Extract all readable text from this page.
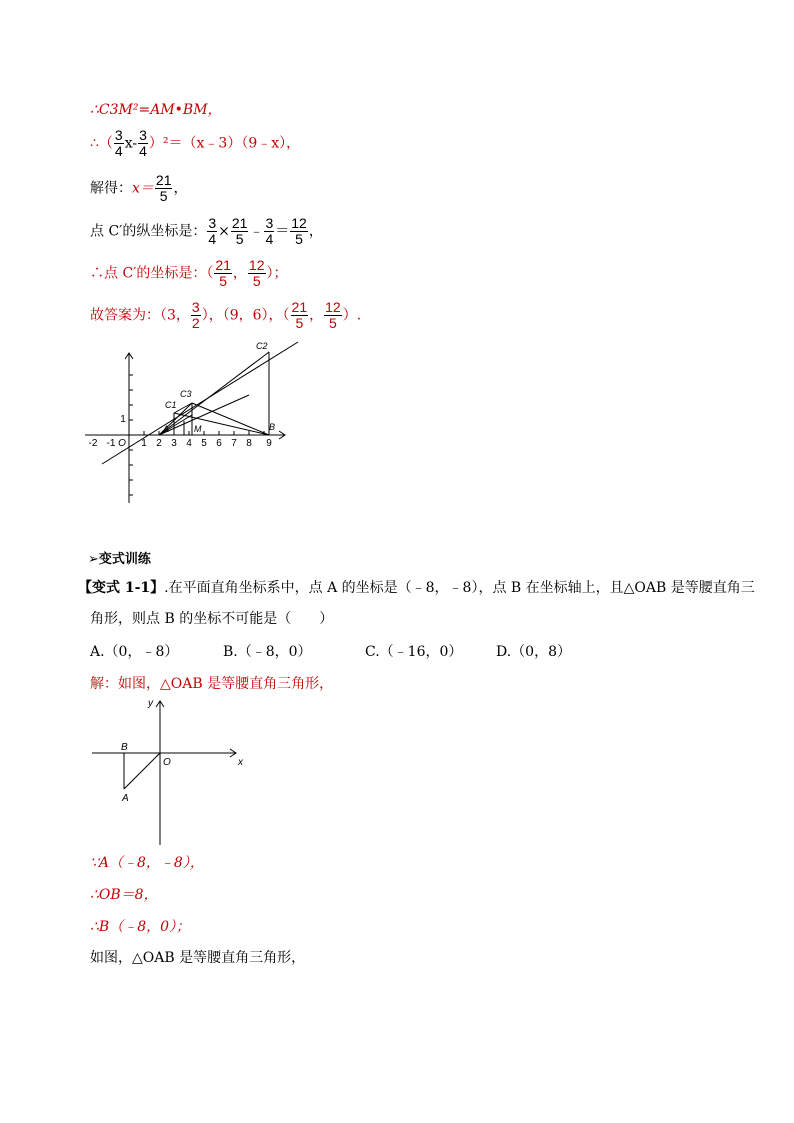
∴C3M²=AM•BM，
∴（ $\frac{3}{4} x- \frac{3}{4}$ ）²＝（x﹣3）（9﹣x），
解得：$x= \frac{21}{5}$ ，
点 C′的纵坐标是： $\frac{3}{4} \times \frac{21}{5}$ ﹣ $\frac{3}{4} = \frac{12}{5}$ ，
∴点 C′的坐标是：（ $\frac{21}{5}$ ， $\frac{12}{5}$ ）；
故答案为：（3， $\frac{3}{2}$ ），（9，6），（ $\frac{21}{5}$ ， $\frac{12}{5}$ ）.
-2 -1 O 1 2 3 4 5 6 7 8 9
1
C2
C3
C1
A	M	B
➢变式训练
【变式 1-1】.在平面直角坐标系中，点 A 的坐标是（﹣8，﹣8），点 B 在坐标轴上，且△OAB 是等腰直角三
角形，则点 B 的坐标不可能是（　　）
A.（0，﹣8）	B.（﹣8，0）	C.（﹣16，0） D.（0，8）
解：如图，△OAB 是等腰直角三角形，
x
y
O
B
A
∵A（﹣8，﹣8），
∴OB＝8，
∴B（﹣8，0）；
如图，△OAB 是等腰直角三角形，
